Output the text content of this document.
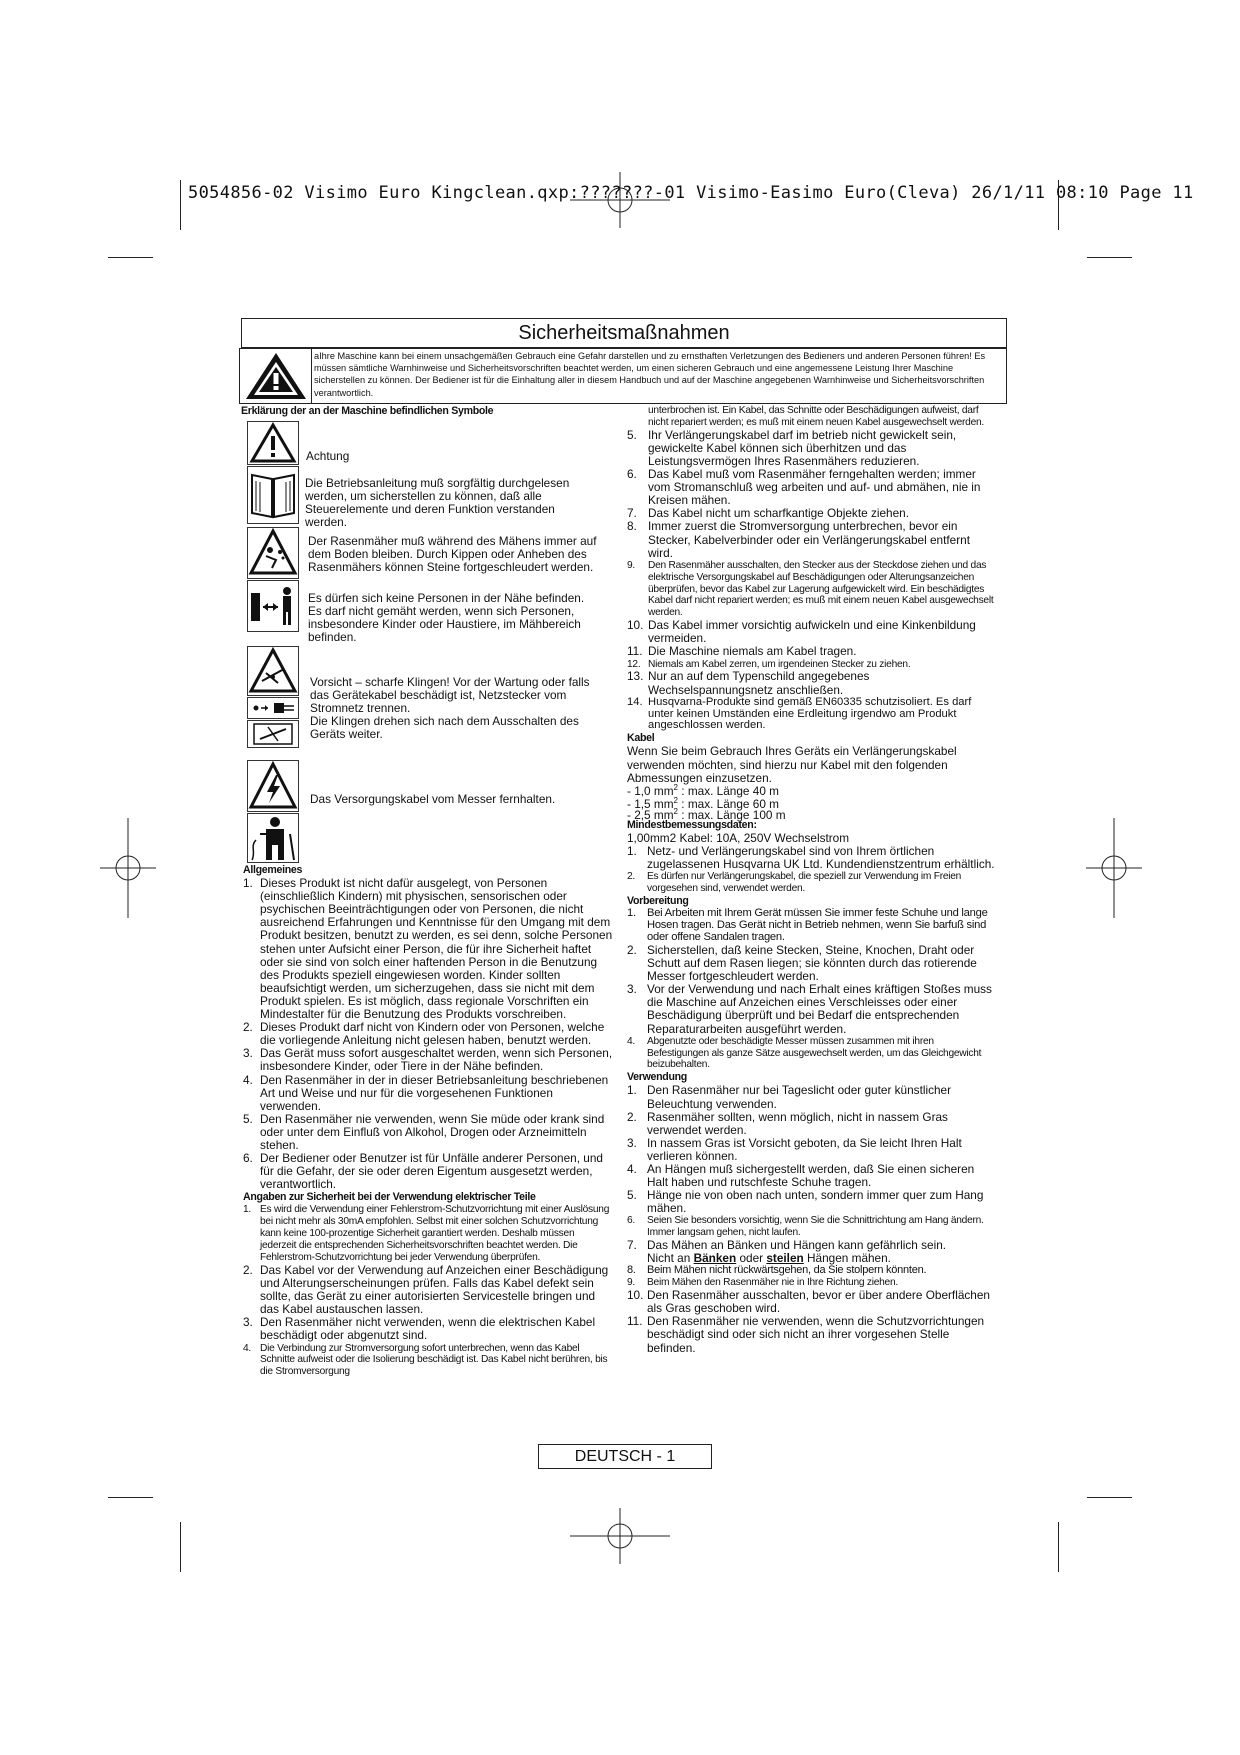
5054856-02 Visimo Euro Kingclean.qxp:???????-01 Visimo-Easimo Euro(Cleva) 26/1/11 08:10 Page 11
Sicherheitsmaßnahmen
aIhre Maschine kann bei einem unsachgemäßen Gebrauch eine Gefahr darstellen und zu ernsthaften Verletzungen des Bedieners und anderen Personen führen! Es müssen sämtliche Warnhinweise und Sicherheitsvorschriften beachtet werden, um einen sicheren Gebrauch und eine angemessene Leistung Ihrer Maschine sicherstellen zu können. Der Bediener ist für die Einhaltung aller in diesem Handbuch und auf der Maschine angegebenen Warnhinweise und Sicherheitsvorschriften verantwortlich.
Erklärung der an der Maschine befindlichen Symbole
Achtung
Die Betriebsanleitung muß sorgfältig durchgelesen werden, um sicherstellen zu können, daß alle Steuerelemente und deren Funktion verstanden werden.
Der Rasenmäher muß während des Mähens immer auf dem Boden bleiben. Durch Kippen oder Anheben des Rasenmähers können Steine fortgeschleudert werden.
Es dürfen sich keine Personen in der Nähe befinden. Es darf nicht gemäht werden, wenn sich Personen, insbesondere Kinder oder Haustiere, im Mähbereich befinden.
Vorsicht – scharfe Klingen! Vor der Wartung oder falls das Gerätekabel beschädigt ist, Netzstecker vom Stromnetz trennen.
Die Klingen drehen sich nach dem Ausschalten des Geräts weiter.
Das Versorgungskabel vom Messer fernhalten.

Allgemeines

1. Dieses Produkt ist nicht dafür ausgelegt, von Personen (einschließlich Kindern) mit physischen, sensorischen oder psychischen Beeinträchtigungen oder von Personen, die nicht ausreichend Erfahrungen und Kenntnisse für den Umgang mit dem Produkt besitzen, benutzt zu werden, es sei denn, solche Personen stehen unter Aufsicht einer Person, die für ihre Sicherheit haftet oder sie sind von solch einer haftenden Person in die Benutzung des Produkts speziell eingewiesen worden. Kinder sollten beaufsichtigt werden, um sicherzugehen, dass sie nicht mit dem Produkt spielen. Es ist möglich, dass regionale Vorschriften ein Mindestalter für die Benutzung des Produkts vorschreiben.
2. Dieses Produkt darf nicht von Kindern oder von Personen, welche die vorliegende Anleitung nicht gelesen haben, benutzt werden.
3. Das Gerät muss sofort ausgeschaltet werden, wenn sich Personen, insbesondere Kinder, oder Tiere in der Nähe befinden.
4. Den Rasenmäher in der in dieser Betriebsanleitung beschriebenen Art und Weise und nur für die vorgesehenen Funktionen verwenden.
5. Den Rasenmäher nie verwenden, wenn Sie müde oder krank sind oder unter dem Einfluß von Alkohol, Drogen oder Arzneimitteln stehen.
6. Der Bediener oder Benutzer ist für Unfälle anderer Personen, und für die Gefahr, der sie oder deren Eigentum ausgesetzt werden, verantwortlich.

Angaben zur Sicherheit bei der Verwendung elektrischer Teile

1. Es wird die Verwendung einer Fehlerstrom-Schutzvorrichtung mit einer Auslösung bei nicht mehr als 30mA empfohlen. Selbst mit einer solchen Schutzvorrichtung kann keine 100-prozentige Sicherheit garantiert werden. Deshalb müssen jederzeit die entsprechenden Sicherheitsvorschriften beachtet werden. Die Fehlerstrom-Schutzvorrichtung bei jeder Verwendung überprüfen.
2. Das Kabel vor der Verwendung auf Anzeichen einer Beschädigung und Alterungserscheinungen prüfen. Falls das Kabel defekt sein sollte, das Gerät zu einer autorisierten Servicestelle bringen und das Kabel austauschen lassen.
3. Den Rasenmäher nicht verwenden, wenn die elektrischen Kabel beschädigt oder abgenutzt sind.
4. Die Verbindung zur Stromversorgung sofort unterbrechen, wenn das Kabel Schnitte aufweist oder die Isolierung beschädigt ist. Das Kabel nicht berühren, bis die Stromversorgung

unterbrochen ist. Ein Kabel, das Schnitte oder Beschädigungen aufweist, darf nicht repariert werden; es muß mit einem neuen Kabel ausgewechselt werden.

5. Ihr Verlängerungskabel darf im betrieb nicht gewickelt sein, gewickelte Kabel können sich überhitzen und das Leistungsvermögen Ihres Rasenmähers reduzieren.
6. Das Kabel muß vom Rasenmäher ferngehalten werden; immer vom Stromanschluß weg arbeiten und auf- und abmähen, nie in Kreisen mähen.
7. Das Kabel nicht um scharfkantige Objekte ziehen.
8. Immer zuerst die Stromversorgung unterbrechen, bevor ein Stecker, Kabelverbinder oder ein Verlängerungskabel entfernt wird.
9. Den Rasenmäher ausschalten, den Stecker aus der Steckdose ziehen und das elektrische Versorgungskabel auf Beschädigungen oder Alterungsanzeichen überprüfen, bevor das Kabel zur Lagerung aufgewickelt wird. Ein beschädigtes Kabel darf nicht repariert werden; es muß mit einem neuen Kabel ausgewechselt werden.
10. Das Kabel immer vorsichtig aufwickeln und eine Kinkenbildung vermeiden.
11. Die Maschine niemals am Kabel tragen.
12. Niemals am Kabel zerren, um irgendeinen Stecker zu ziehen.
13. Nur an auf dem Typenschild angegebenes Wechselspannungsnetz anschließen.
14. Husqvarna-Produkte sind gemäß EN60335 schutzisoliert. Es darf unter keinen Umständen eine Erdleitung irgendwo am Produkt angeschlossen werden.

Kabel

Wenn Sie beim Gebrauch Ihres Geräts ein Verlängerungskabel verwenden möchten, sind hierzu nur Kabel mit den folgenden Abmessungen einzusetzen.

- 1,0 $mm^2$ : max. Länge 40 m

- 1,5 $mm^2$ : max. Länge 60 m

- 2,5 $mm^2$ : max. Länge 100 m

Mindestbemessungsdaten:

1,00mm2 Kabel: 10A, 250V Wechselstrom

1. Netz- und Verlängerungskabel sind von Ihrem örtlichen zugelassenen Husqvarna UK Ltd. Kundendienstzentrum erhältlich.
2. Es dürfen nur Verlängerungskabel, die speziell zur Verwendung im Freien vorgesehen sind, verwendet werden.

Vorbereitung

1. Bei Arbeiten mit Ihrem Gerät müssen Sie immer feste Schuhe und lange Hosen tragen. Das Gerät nicht in Betrieb nehmen, wenn Sie barfuß sind oder offene Sandalen tragen.
2. Sicherstellen, daß keine Stecken, Steine, Knochen, Draht oder Schutt auf dem Rasen liegen; sie könnten durch das rotierende Messer fortgeschleudert werden.
3. Vor der Verwendung und nach Erhalt eines kräftigen Stoßes muss die Maschine auf Anzeichen eines Verschleisses oder einer Beschädigung überprüft und bei Bedarf die entsprechenden Reparaturarbeiten ausgeführt werden.
4. Abgenutzte oder beschädigte Messer müssen zusammen mit ihren Befestigungen als ganze Sätze ausgewechselt werden, um das Gleichgewicht beizubehalten.

Verwendung

1. Den Rasenmäher nur bei Tageslicht oder guter künstlicher Beleuchtung verwenden.
2. Rasenmäher sollten, wenn möglich, nicht in nassem Gras verwendet werden.
3. In nassem Gras ist Vorsicht geboten, da Sie leicht Ihren Halt verlieren können.
4. An Hängen muß sichergestellt werden, daß Sie einen sicheren Halt haben und rutschfeste Schuhe tragen.
5. Hänge nie von oben nach unten, sondern immer quer zum Hang mähen.
6. Seien Sie besonders vorsichtig, wenn Sie die Schnittrichtung am Hang ändern. Immer langsam gehen, nicht laufen.
7. Das Mähen an Bänken und Hängen kann gefährlich sein.
Nicht an Bänken oder steilen Hängen mähen.
8. Beim Mähen nicht rückwärtsgehen, da Sie stolpern könnten.
9. Beim Mähen den Rasenmäher nie in Ihre Richtung ziehen.
10. Den Rasenmäher ausschalten, bevor er über andere Oberflächen als Gras geschoben wird.
11. Den Rasenmäher nie verwenden, wenn die Schutzvorrichtungen beschädigt sind oder sich nicht an ihrer vorgesehen Stelle befinden.
DEUTSCH - 1
